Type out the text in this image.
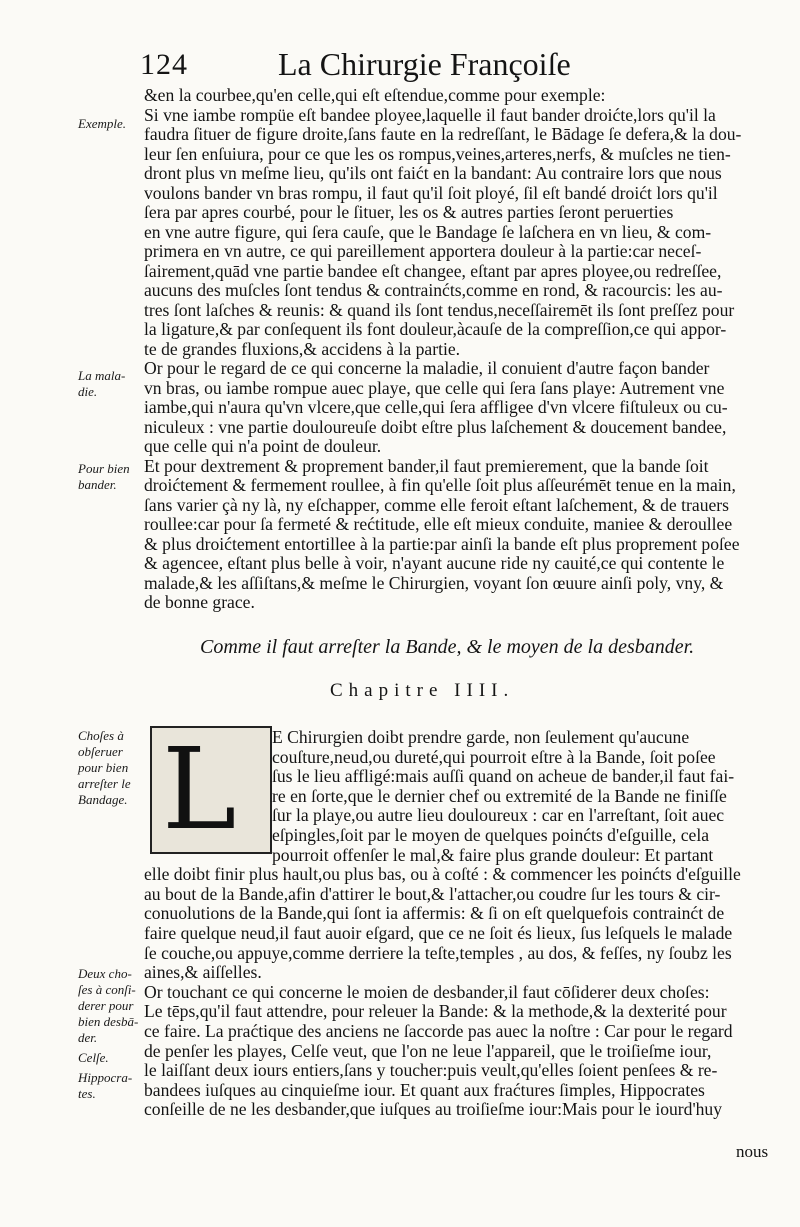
124	La Chirurgie Françoiſe
Exemple.
La mala-
die.
Pour bien
bander.
Choſes à
obſeruer
pour bien
arreſter le
Bandage.
Deux cho-
ſes à conſi-
derer pour
bien desbā-
der.
Celſe.
Hippocra-
tes.
&en la courbee,qu'en celle,qui eſt eſtendue,comme pour exemple:
Si vne iambe rompüe eſt bandee ployee,laquelle il faut bander droićte,lors qu'il la
faudra ſituer de figure droite,ſans faute en la redreſſant, le Bādage ſe defera,& la dou-
leur ſen enſuiura, pour ce que les os rompus,veines,arteres,nerfs, & muſcles ne tien-
dront plus vn meſme lieu, qu'ils ont faićt en la bandant: Au contraire lors que nous
voulons bander vn bras rompu, il faut qu'il ſoit ployé, ſil eſt bandé droićt lors qu'il
ſera par apres courbé, pour le ſituer, les os & autres parties ſeront peruerties
en vne autre figure, qui ſera cauſe, que le Bandage ſe laſchera en vn lieu, & com-
primera en vn autre, ce qui pareillement apportera douleur à la partie:car neceſ-
ſairement,quād vne partie bandee eſt changee, eſtant par apres ployee,ou redreſſee,
aucuns des muſcles ſont tendus & contrainćts,comme en rond, & racourcis: les au-
tres ſont laſches & reunis: & quand ils ſont tendus,neceſſairemēt ils ſont preſſez pour
la ligature,& par conſequent ils font douleur,àcauſe de la compreſſion,ce qui appor-
te de grandes fluxions,& accidens à la partie.
Or pour le regard de ce qui concerne la maladie, il conuient d'autre façon bander
vn bras, ou iambe rompue auec playe, que celle qui ſera ſans playe: Autrement vne
iambe,qui n'aura qu'vn vlcere,que celle,qui ſera affligee d'vn vlcere fiſtuleux ou cu-
niculeux : vne partie douloureuſe doibt eſtre plus laſchement & doucement bandee,
que celle qui n'a point de douleur.
Et pour dextrement & proprement bander,il faut premierement, que la bande ſoit
droićtement & fermement roullee, à fin qu'elle ſoit plus aſſeurémēt tenue en la main,
ſans varier çà ny là, ny eſchapper, comme elle feroit eſtant laſchement, & de trauers
roullee:car pour ſa fermeté & rećtitude, elle eſt mieux conduite, maniee & deroullee
& plus droićtement entortillee à la partie:par ainſi la bande eſt plus proprement poſee
& agencee, eſtant plus belle à voir, n'ayant aucune ride ny cauité,ce qui contente le
malade,& les aſſiſtans,& meſme le Chirurgien, voyant ſon œuure ainſi poly, vny, &
de bonne grace.
Comme il faut arreſter la Bande, & le moyen de la desbander.
Chapitre IIII.
L	E Chirurgien doibt prendre garde, non ſeulement qu'aucune
couſture,neud,ou dureté,qui pourroit eſtre à la Bande, ſoit poſee
ſus le lieu affligé:mais auſſi quand on acheue de bander,il faut fai-
re en ſorte,que le dernier chef ou extremité de la Bande ne finiſſe
ſur la playe,ou autre lieu douloureux : car en l'arreſtant, ſoit auec
eſpingles,ſoit par le moyen de quelques poinćts d'eſguille, cela
pourroit offenſer le mal,& faire plus grande douleur: Et partant
elle doibt finir plus hault,ou plus bas, ou à coſté : & commencer les poinćts d'eſguille
au bout de la Bande,afin d'attirer le bout,& l'attacher,ou coudre ſur les tours & cir-
conuolutions de la Bande,qui ſont ia affermis: & ſi on eſt quelquefois contrainćt de
faire quelque neud,il faut auoir eſgard, que ce ne ſoit és lieux, ſus leſquels le malade
ſe couche,ou appuye,comme derriere la teſte,temples , au dos, & feſſes, ny ſoubz les
aines,& aiſſelles.
Or touchant ce qui concerne le moien de desbander,il faut cōſiderer deux choſes:
Le tēps,qu'il faut attendre, pour releuer la Bande: & la methode,& la dexterité pour
ce faire. La praćtique des anciens ne ſaccorde pas auec la noſtre : Car pour le regard
de penſer les playes, Celſe veut, que l'on ne leue l'appareil, que le troiſieſme iour,
le laiſſant deux iours entiers,ſans y toucher:puis veult,qu'elles ſoient penſees & re-
bandees iuſques au cinquieſme iour. Et quant aux fraćtures ſimples, Hippocrates
conſeille de ne les desbander,que iuſques au troiſieſme iour:Mais pour le iourd'huy
nous
